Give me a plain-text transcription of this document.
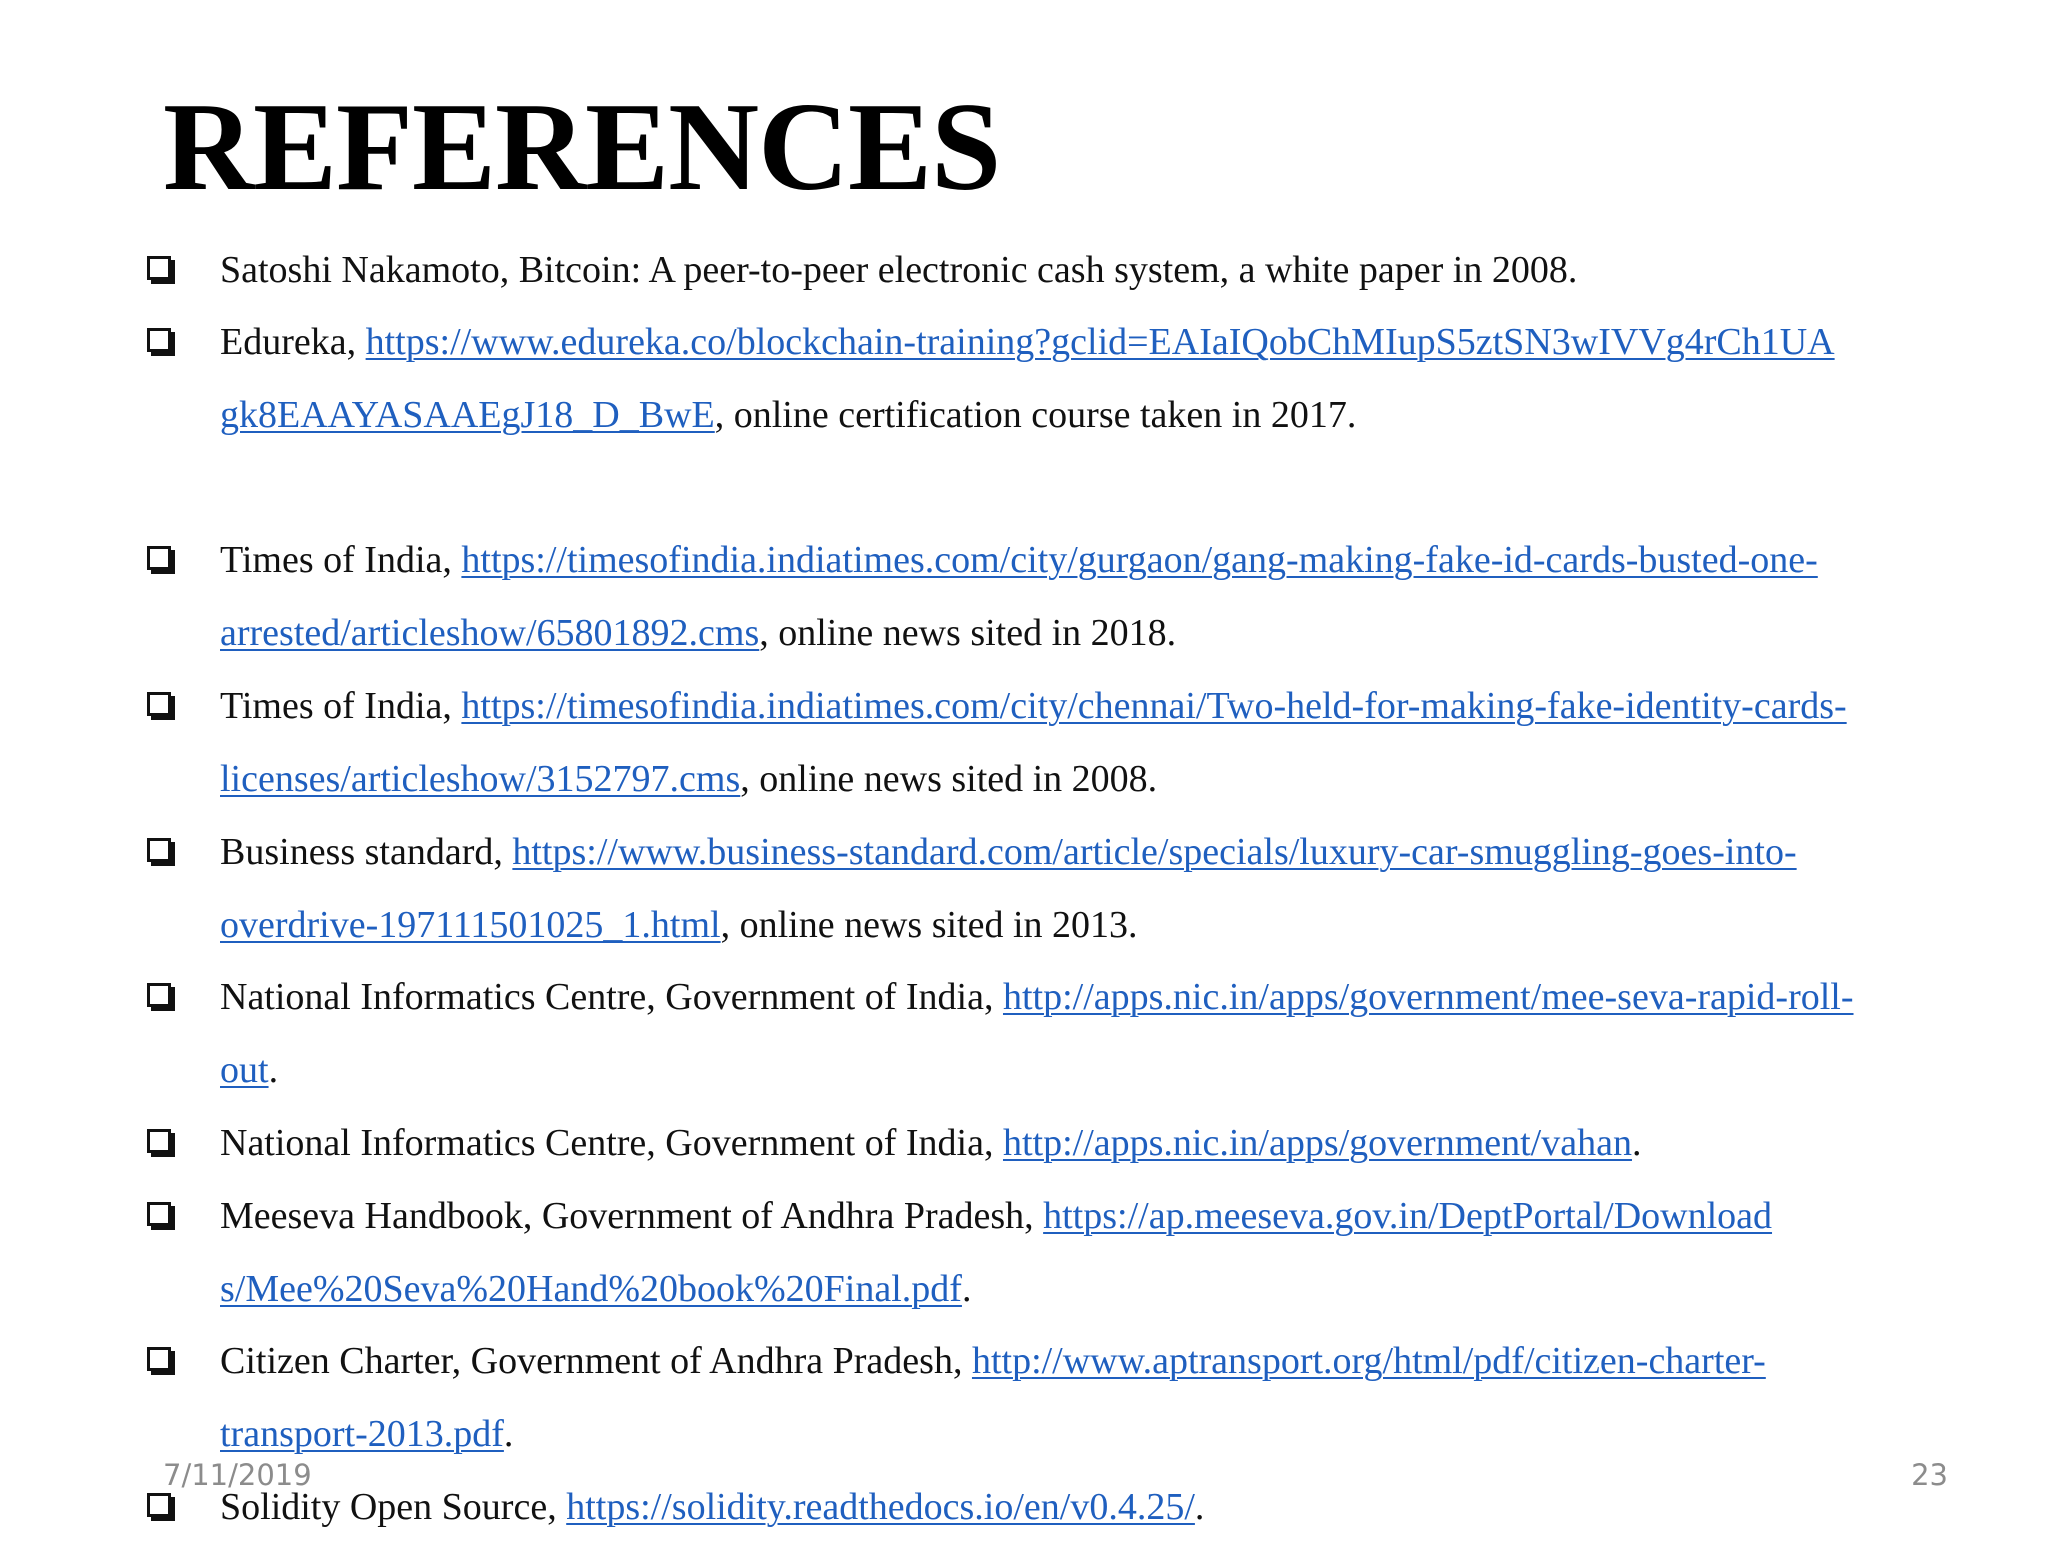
REFERENCES

Satoshi Nakamoto, Bitcoin: A peer-to-peer electronic cash system, a white paper in 2008.

Edureka, https://www.edureka.co/blockchain-training?gclid=EAIaIQobChMIupS5ztSN3wIVVg4rCh1UAgk8EAAYASAAEgJ18_D_BwE, online certification course taken in 2017.

Times of India, https://timesofindia.indiatimes.com/city/gurgaon/gang-making-fake-id-cards-busted-one-arrested/articleshow/65801892.cms, online news sited in 2018.

Times of India, https://timesofindia.indiatimes.com/city/chennai/Two-held-for-making-fake-identity-cards-licenses/articleshow/3152797.cms, online news sited in 2008.

Business standard, https://www.business-standard.com/article/specials/luxury-car-smuggling-goes-into-overdrive-197111501025_1.html, online news sited in 2013.

National Informatics Centre, Government of India, http://apps.nic.in/apps/government/mee-seva-rapid-roll-out.

National Informatics Centre, Government of India, http://apps.nic.in/apps/government/vahan.

Meeseva Handbook, Government of Andhra Pradesh, https://ap.meeseva.gov.in/DeptPortal/Downloads/Mee%20Seva%20Hand%20book%20Final.pdf.

Citizen Charter, Government of Andhra Pradesh, http://www.aptransport.org/html/pdf/citizen-charter-transport-2013.pdf.

Solidity Open Source, https://solidity.readthedocs.io/en/v0.4.25/.

7/11/2019	23
